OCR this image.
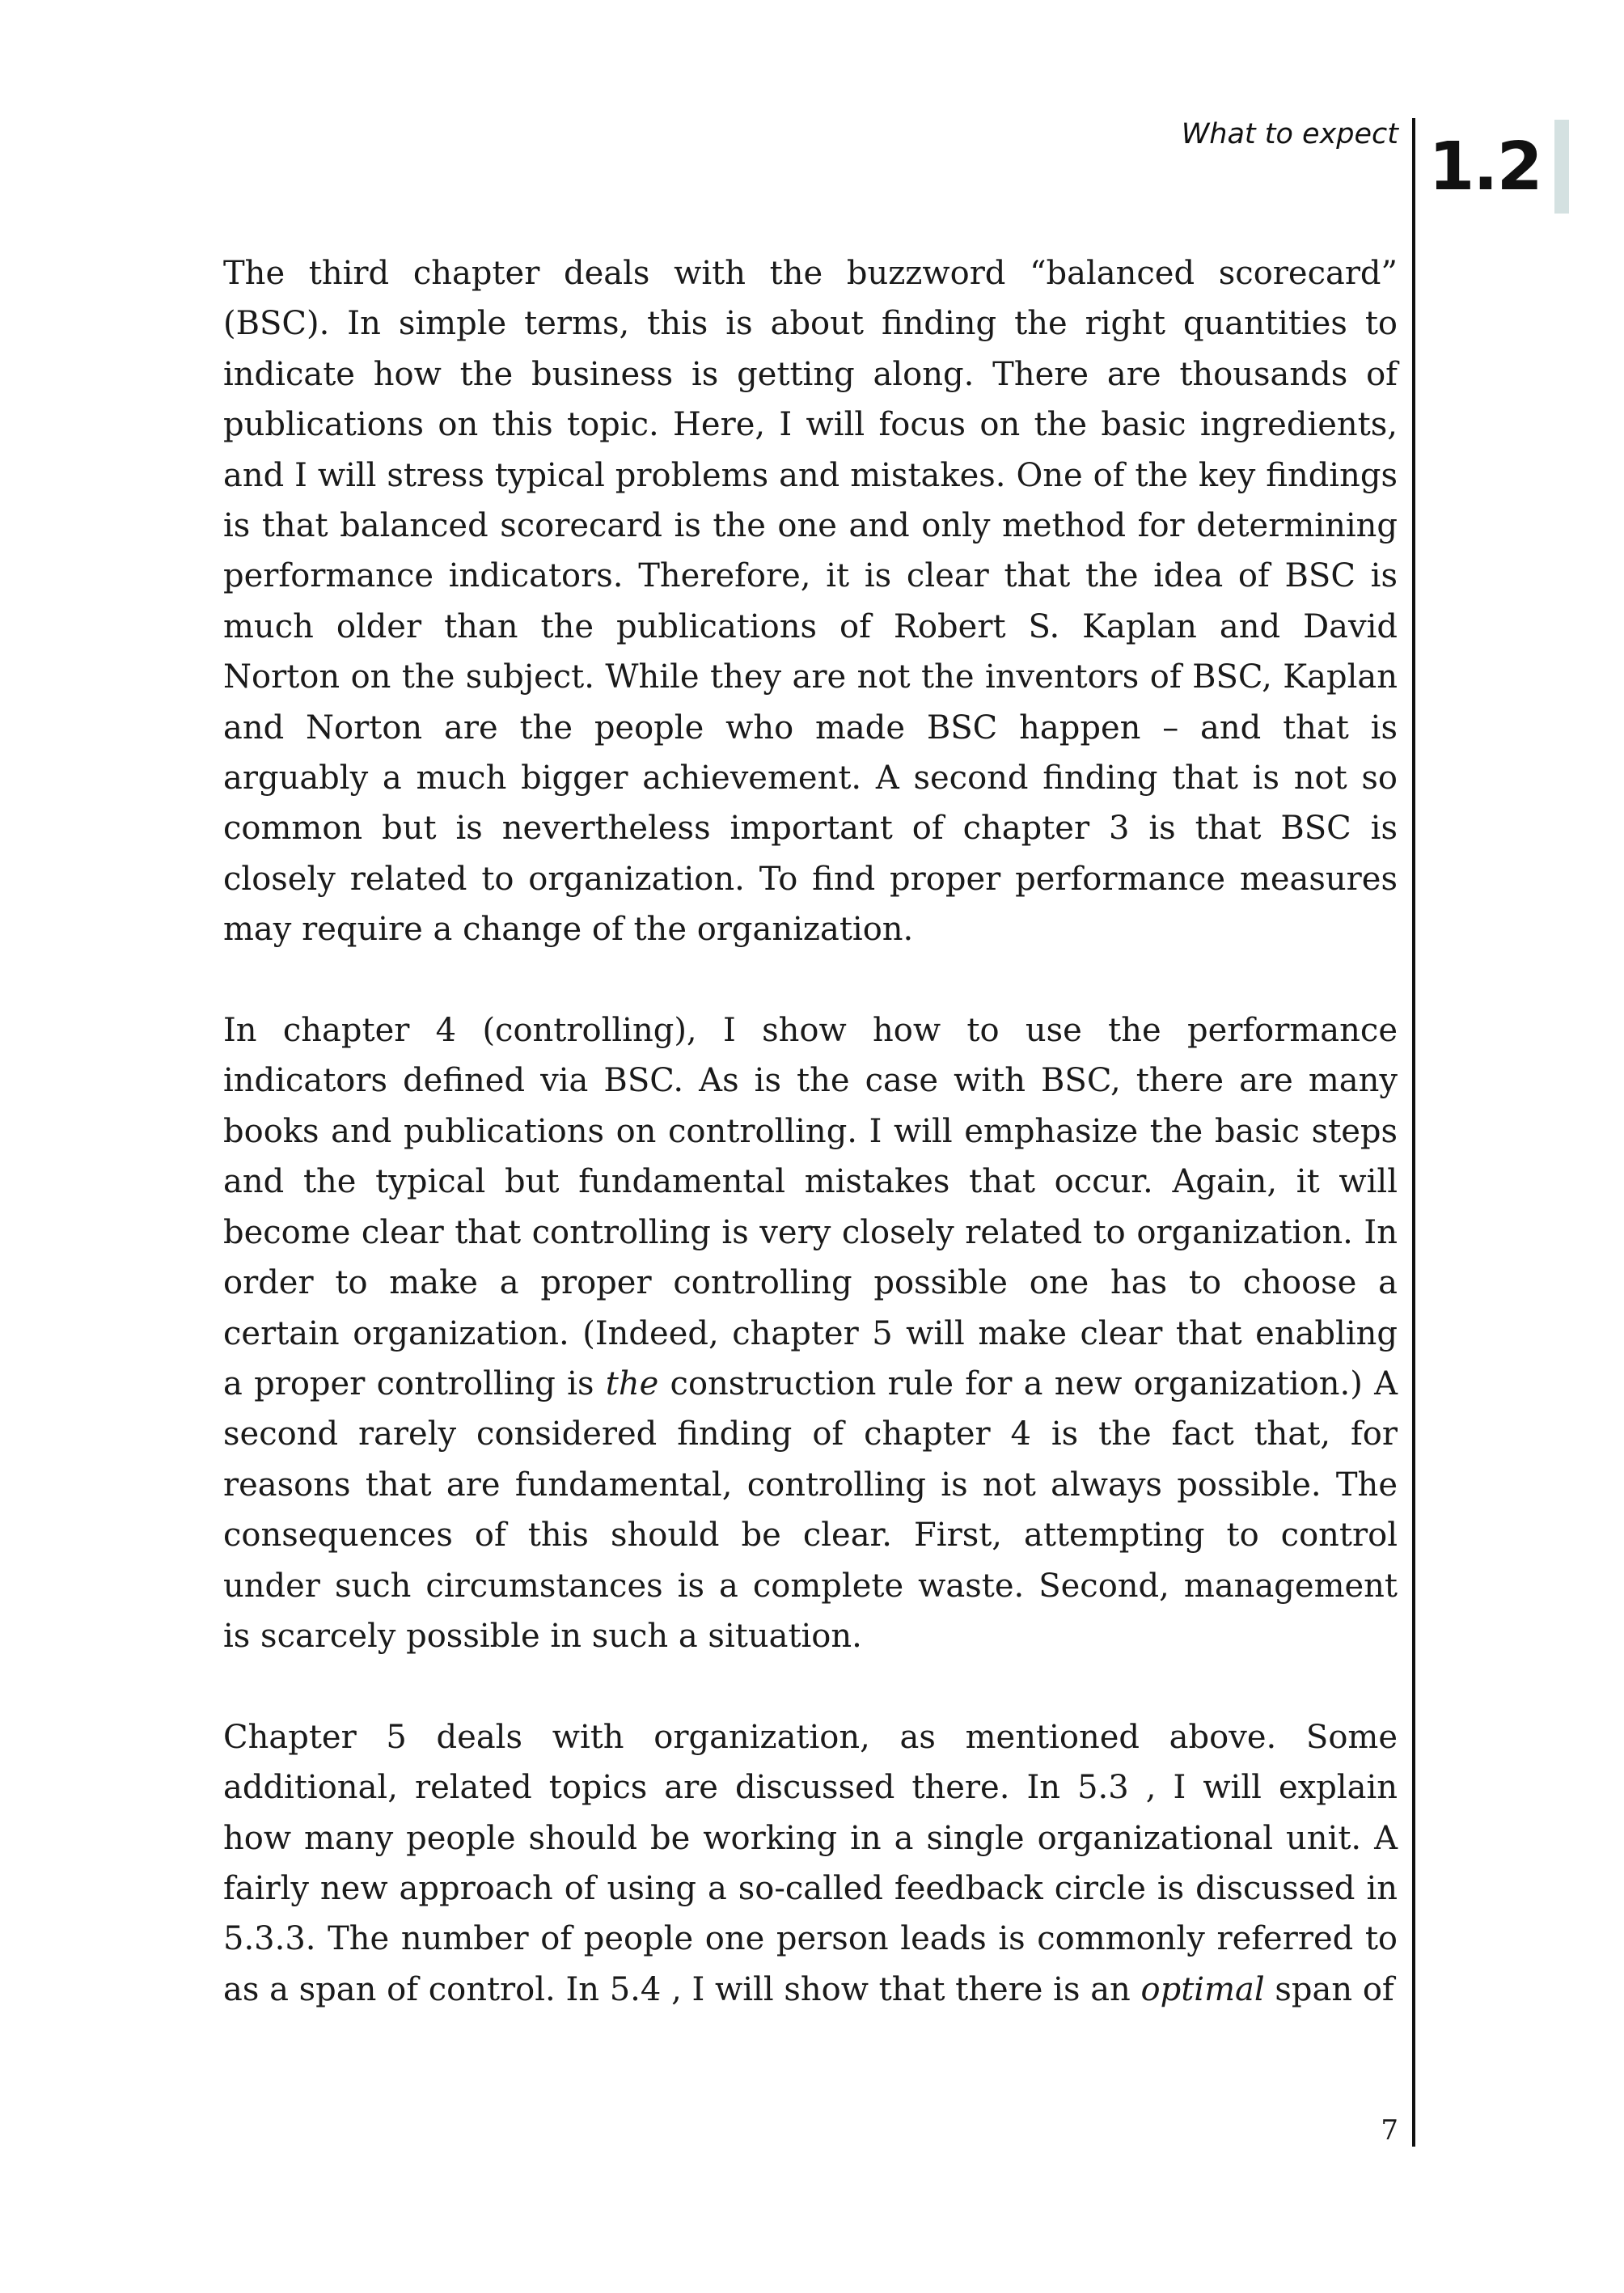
What to expect 1.2

The third chapter deals with the buzzword “balanced scorecard” (BSC). In simple terms, this is about finding the right quantities to indicate how the business is getting along. There are thousands of publications on this topic. Here, I will focus on the basic ingredients, and I will stress typical problems and mistakes. One of the key findings is that balanced scorecard is the one and only method for determining performance indicators. Therefore, it is clear that the idea of BSC is much older than the publications of Robert S. Kaplan and David Norton on the subject. While they are not the inventors of BSC, Kaplan and Norton are the people who made BSC happen – and that is arguably a much bigger achievement. A second finding that is not so common but is nevertheless important of chapter 3 is that BSC is closely related to organization. To find proper performance measures may require a change of the organization.

In chapter 4 (controlling), I show how to use the performance indicators defined via BSC. As is the case with BSC, there are many books and publications on controlling. I will emphasize the basic steps and the typical but fundamental mistakes that occur. Again, it will become clear that controlling is very closely related to organization. In order to make a proper controlling possible one has to choose a certain organization. (Indeed, chapter 5 will make clear that enabling a proper controlling is the construction rule for a new organization.) A second rarely considered finding of chapter 4 is the fact that, for reasons that are fundamental, controlling is not always possible. The consequences of this should be clear. First, attempting to control under such circumstances is a complete waste. Second, management is scarcely possible in such a situation.

Chapter 5 deals with organization, as mentioned above. Some additional, related topics are discussed there. In 5.3 , I will explain how many people should be working in a single organizational unit. A fairly new approach of using a so-called feedback circle is discussed in 5.3.3. The number of people one person leads is commonly referred to as a span of control. In 5.4 , I will show that there is an optimal span of

7
